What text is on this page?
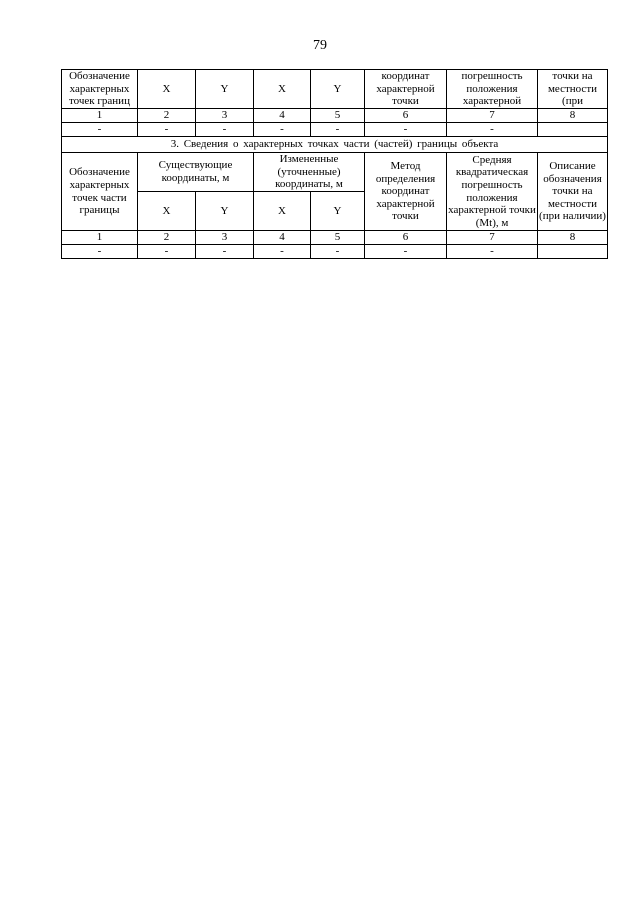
79
Обозначение характерных точек границ	X	Y	X	Y	координат характерной точки	погрешность положения характерной	точки на местности (при

1	2	3	4	5	6	7	8
-	-	-	-	-	-	-	
3. Сведения о характерных точках части (частей) границы объекта							
Обозначение характерных точек части границы	Существующие координаты, м		Измененные (уточненные) координаты, м		Метод определения координат характерной точки	Средняя квадратическая погрешность положения характерной точки (Mt), м	Описание обозначения точки на местности (при наличии)
	X	Y	X	Y			
1	2	3	4	5	6	7	8
-	-	-	-	-	-	-	
